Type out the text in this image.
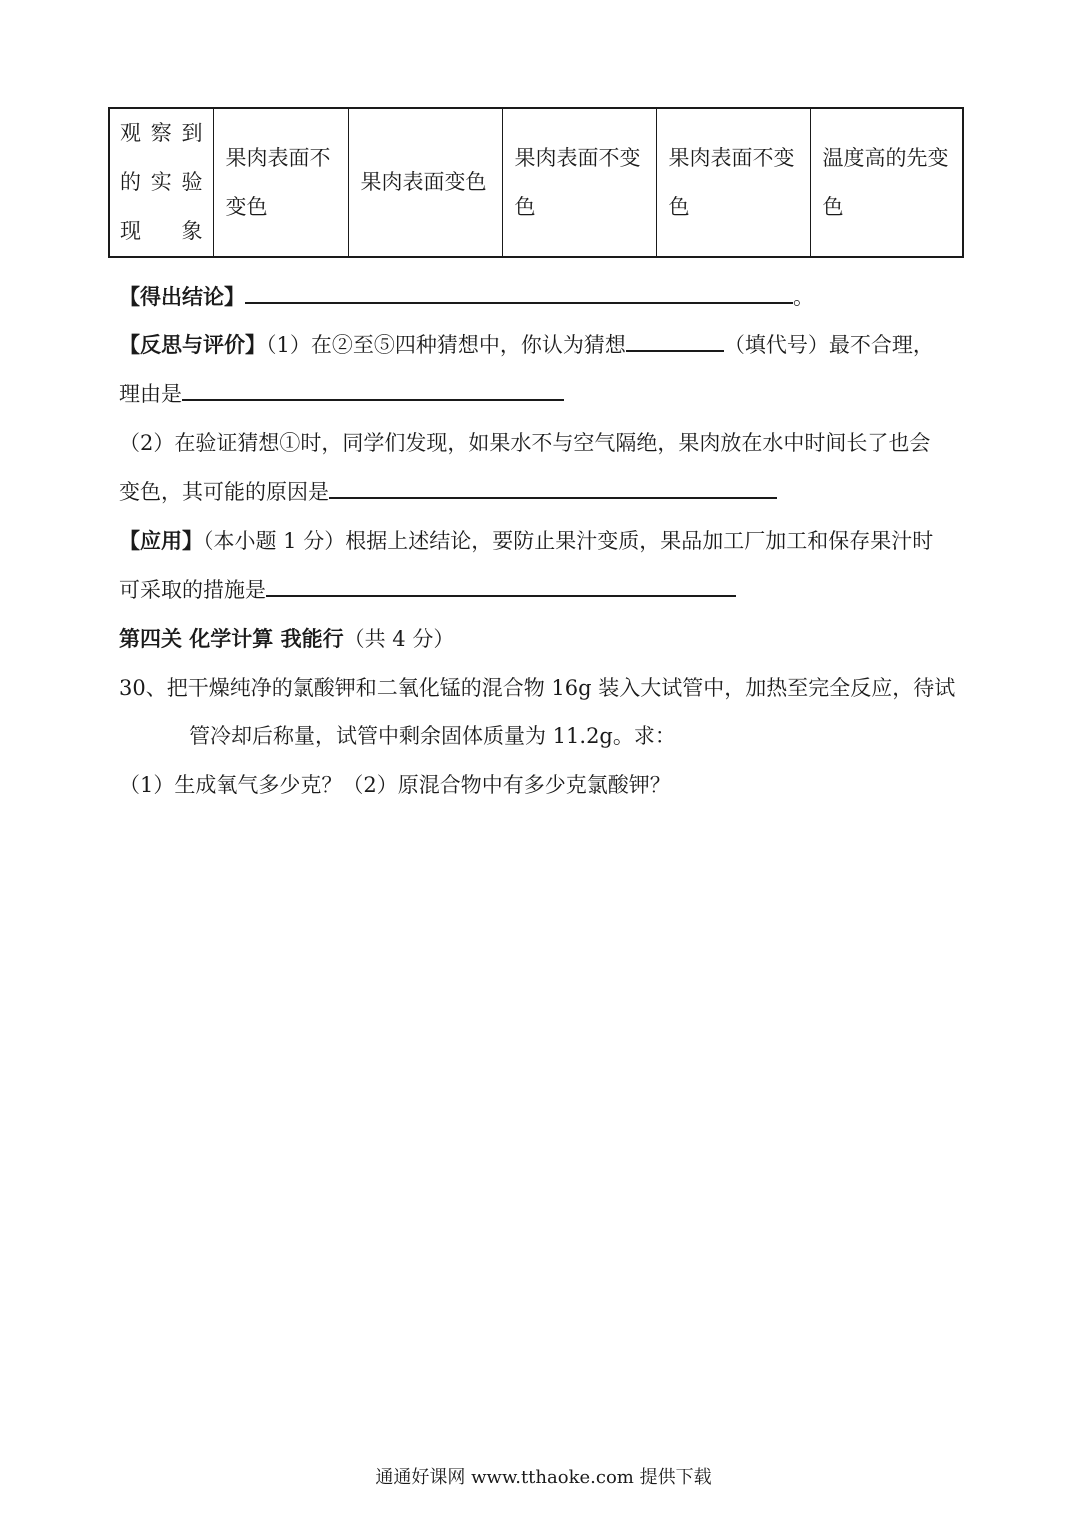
观察到的实验现象	果肉表面不变色	果肉表面变色	果肉表面不变色	果肉表面不变色	温度高的先变色
【得出结论】	。
【反思与评价】（1）在②至⑤四种猜想中，你认为猜想	（填代号）最不合理，
理由是
（2）在验证猜想①时，同学们发现，如果水不与空气隔绝，果肉放在水中时间长了也会
变色，其可能的原因是
【应用】（本小题 1 分）根据上述结论，要防止果汁变质，果品加工厂加工和保存果汁时
可采取的措施是
第四关 化学计算 我能行（共 4 分）
30、把干燥纯净的氯酸钾和二氧化锰的混合物 16g 装入大试管中，加热至完全反应，待试
管冷却后称量，试管中剩余固体质量为 11.2g。求：
（1）生成氧气多少克？（2）原混合物中有多少克氯酸钾？
通通好课网 www.tthaoke.com 提供下载
